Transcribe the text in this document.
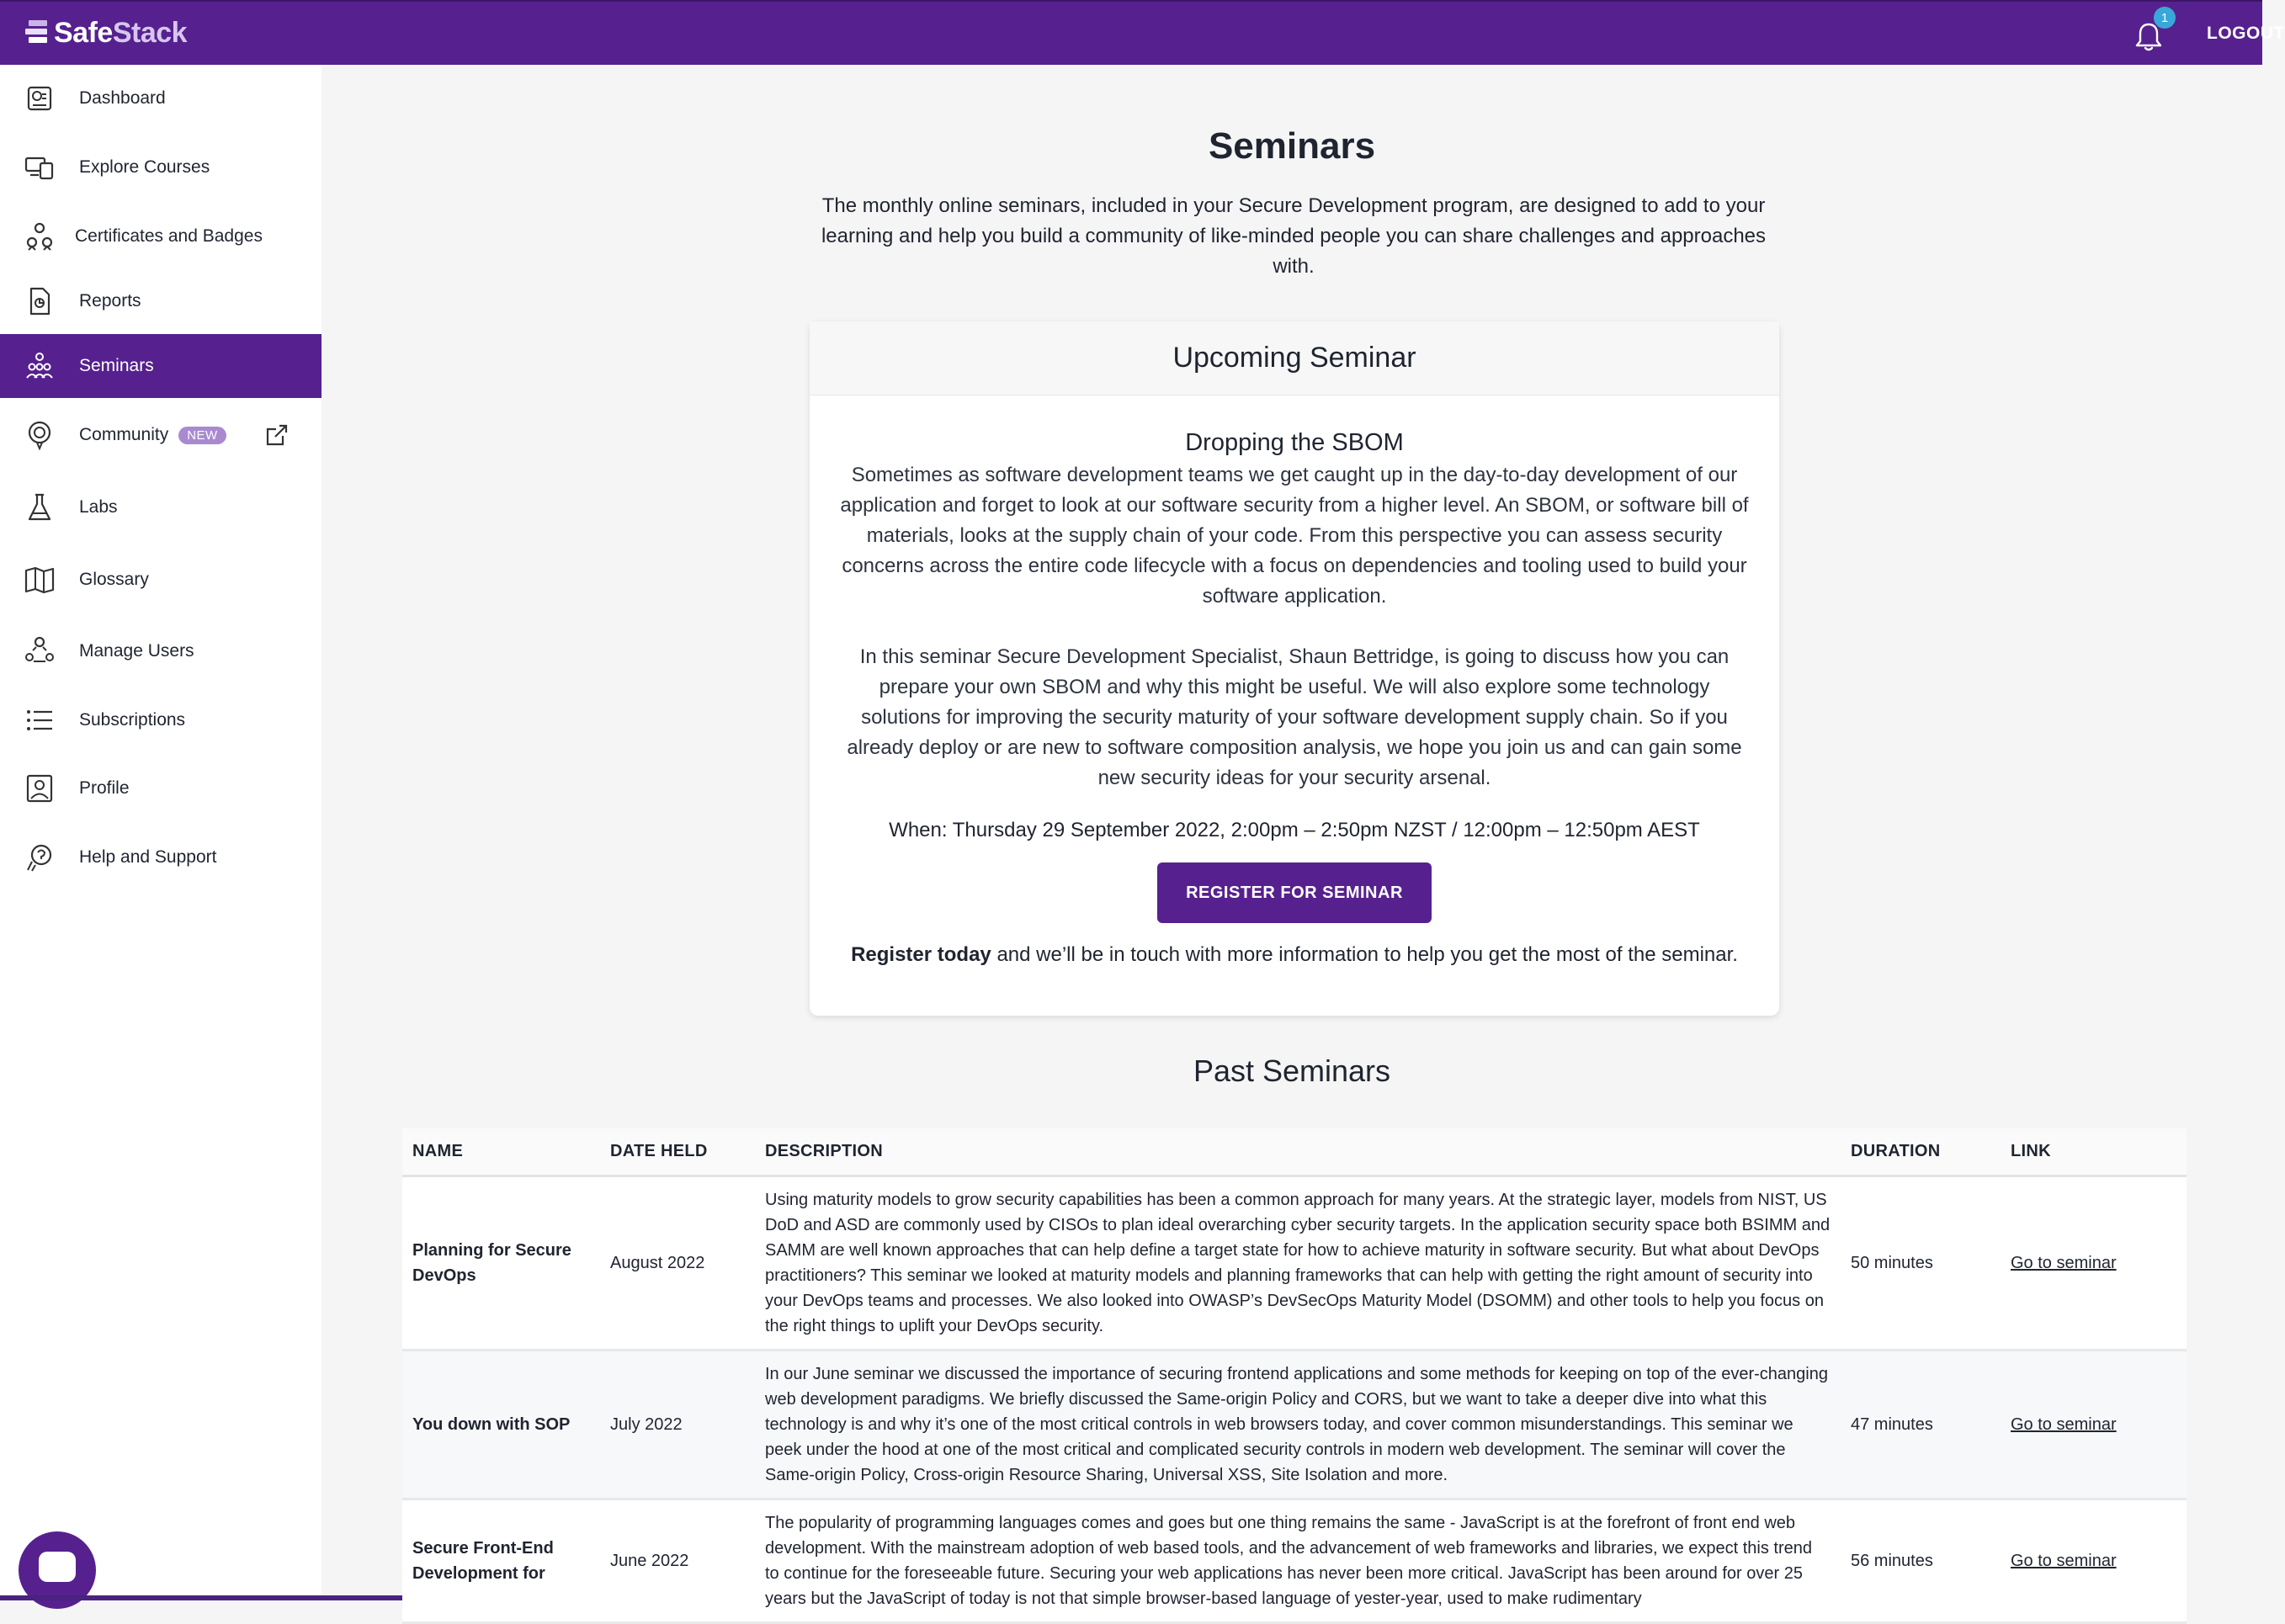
SafeStack	1
LOGOUT
Dashboard
Explore Courses
Certificates and Badges
Reports
Seminars
Community NEW
Labs
Glossary
Manage Users
Subscriptions
Profile
Help and Support
Seminars
The monthly online seminars, included in your Secure Development program, are designed to add to your learning and help you build a community of like-minded people you can share challenges and approaches with.
Upcoming Seminar
Dropping the SBOM
Sometimes as software development teams we get caught up in the day-to-day development of our application and forget to look at our software security from a higher level. An SBOM, or software bill of materials, looks at the supply chain of your code. From this perspective you can assess security concerns across the entire code lifecycle with a focus on dependencies and tooling used to build your software application.
In this seminar Secure Development Specialist, Shaun Bettridge, is going to discuss how you can prepare your own SBOM and why this might be useful. We will also explore some technology solutions for improving the security maturity of your software development supply chain. So if you already deploy or are new to software composition analysis, we hope you join us and can gain some new security ideas for your security arsenal.
When: Thursday 29 September 2022, 2:00pm – 2:50pm NZST / 12:00pm – 12:50pm AEST
REGISTER FOR SEMINAR
Register today and we’ll be in touch with more information to help you get the most of the seminar.
Past Seminars
NAME	DATE HELD	DESCRIPTION	DURATION	LINK
Planning for Secure DevOps	August 2022	Using maturity models to grow security capabilities has been a common approach for many years. At the strategic layer, models from NIST, US DoD and ASD are commonly used by CISOs to plan ideal overarching cyber security targets. In the application security space both BSIMM and SAMM are well known approaches that can help define a target state for how to achieve maturity in software security. But what about DevOps practitioners? This seminar we looked at maturity models and planning frameworks that can help with getting the right amount of security into your DevOps teams and processes. We also looked into OWASP’s DevSecOps Maturity Model (DSOMM) and other tools to help you focus on the right things to uplift your DevOps security.	50 minutes	Go to seminar
You down with SOP	July 2022	In our June seminar we discussed the importance of securing frontend applications and some methods for keeping on top of the ever-changing web development paradigms. We briefly discussed the Same-origin Policy and CORS, but we want to take a deeper dive into what this technology is and why it’s one of the most critical controls in web browsers today, and cover common misunderstandings. This seminar we peek under the hood at one of the most critical and complicated security controls in modern web development. The seminar will cover the Same-origin Policy, Cross-origin Resource Sharing, Universal XSS, Site Isolation and more.	47 minutes	Go to seminar
Secure Front-End Development for	June 2022	The popularity of programming languages comes and goes but one thing remains the same - JavaScript is at the forefront of front end web development. With the mainstream adoption of web based tools, and the advancement of web frameworks and libraries, we expect this trend to continue for the foreseeable future. Securing your web applications has never been more critical. JavaScript has been around for over 25 years but the JavaScript of today is not that simple browser-based language of yester-year, used to make rudimentary	56 minutes	Go to seminar
